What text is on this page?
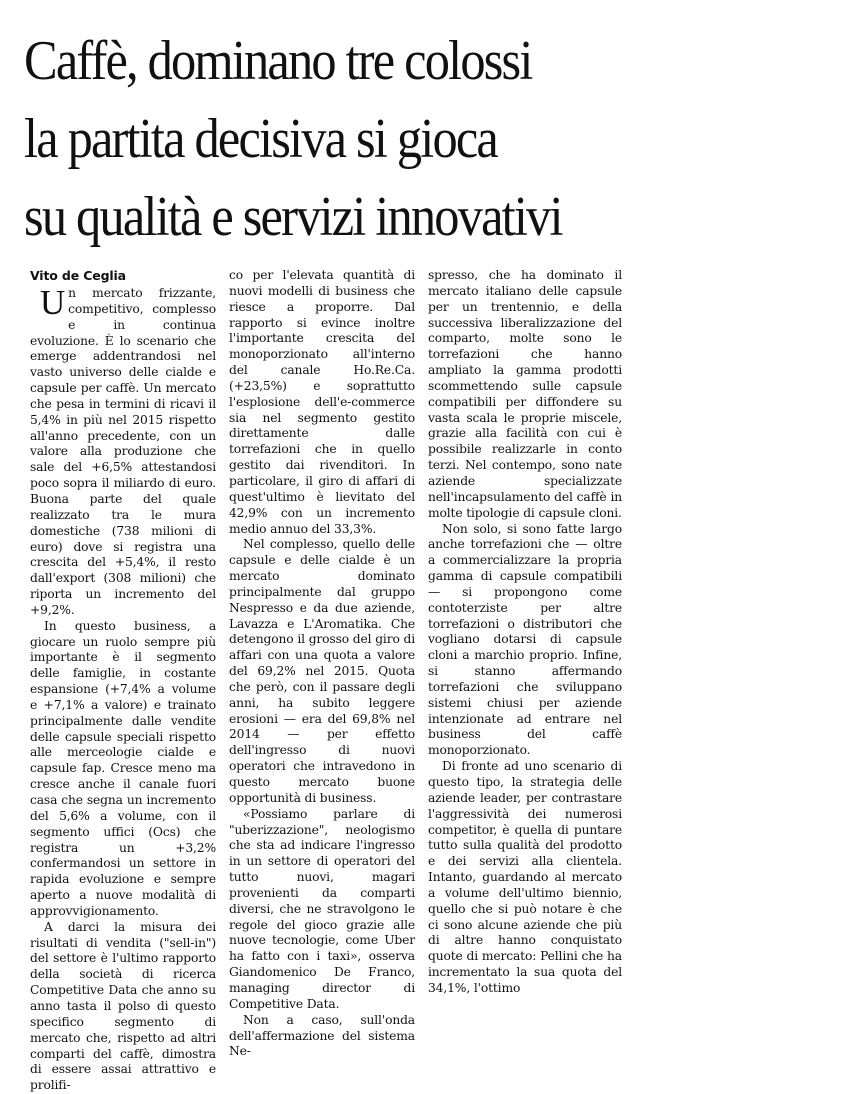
Caffè, dominano tre colossi
la partita decisiva si gioca
su qualità e servizi innovativi
Vito de Ceglia

Un mercato frizzante, competitivo, complesso e in continua evoluzione. È lo scenario che emerge addentrandosi nel vasto universo delle cialde e capsule per caffè. Un mercato che pesa in termini di ricavi il 5,4% in più nel 2015 rispetto all'anno precedente, con un valore alla produzione che sale del +6,5% attestandosi poco sopra il miliardo di euro. Buona parte del quale realizzato tra le mura domestiche (738 milioni di euro) dove si registra una crescita del +5,4%, il resto dall'export (308 milioni) che riporta un incremento del +9,2%.

In questo business, a giocare un ruolo sempre più importante è il segmento delle famiglie, in costante espansione (+7,4% a volume e +7,1% a valore) e trainato principalmente dalle vendite delle capsule speciali rispetto alle merceologie cialde e capsule fap. Cresce meno ma cresce anche il canale fuori casa che segna un incremento del 5,6% a volume, con il segmento uffici (Ocs) che registra un +3,2% confermandosi un settore in rapida evoluzione e sempre aperto a nuove modalità di approvvigionamento.

A darci la misura dei risultati di vendita ("sell-in") del settore è l'ultimo rapporto della società di ricerca Competitive Data che anno su anno tasta il polso di questo specifico segmento di mercato che, rispetto ad altri comparti del caffè, dimostra di essere assai attrattivo e prolifi-

co per l'elevata quantità di nuovi modelli di business che riesce a proporre. Dal rapporto si evince inoltre l'importante crescita del monoporzionato all'interno del canale Ho.Re.Ca. (+23,5%) e soprattutto l'esplosione dell'e-commerce sia nel segmento gestito direttamente dalle torrefazioni che in quello gestito dai rivenditori. In particolare, il giro di affari di quest'ultimo è lievitato del 42,9% con un incremento medio annuo del 33,3%.

Nel complesso, quello delle capsule e delle cialde è un mercato dominato principalmente dal gruppo Nespresso e da due aziende, Lavazza e L'Aromatika. Che detengono il grosso del giro di affari con una quota a valore del 69,2% nel 2015. Quota che però, con il passare degli anni, ha subito leggere erosioni — era del 69,8% nel 2014 — per effetto dell'ingresso di nuovi operatori che intravedono in questo mercato buone opportunità di business.

«Possiamo parlare di "uberizzazione", neologismo che sta ad indicare l'ingresso in un settore di operatori del tutto nuovi, magari provenienti da comparti diversi, che ne stravolgono le regole del gioco grazie alle nuove tecnologie, come Uber ha fatto con i taxi», osserva Giandomenico De Franco, managing director di Competitive Data.

Non a caso, sull'onda dell'affermazione del sistema Ne-

spresso, che ha dominato il mercato italiano delle capsule per un trentennio, e della successiva liberalizzazione del comparto, molte sono le torrefazioni che hanno ampliato la gamma prodotti scommettendo sulle capsule compatibili per diffondere su vasta scala le proprie miscele, grazie alla facilità con cui è possibile realizzarle in conto terzi. Nel contempo, sono nate aziende specializzate nell'incapsulamento del caffè in molte tipologie di capsule cloni.

Non solo, si sono fatte largo anche torrefazioni che — oltre a commercializzare la propria gamma di capsule compatibili — si propongono come contoterziste per altre torrefazioni o distributori che vogliano dotarsi di capsule cloni a marchio proprio. Infine, si stanno affermando torrefazioni che sviluppano sistemi chiusi per aziende intenzionate ad entrare nel business del caffè monoporzionato.

Di fronte ad uno scenario di questo tipo, la strategia delle aziende leader, per contrastare l'aggressività dei numerosi competitor, è quella di puntare tutto sulla qualità del prodotto e dei servizi alla clientela. Intanto, guardando al mercato a volume dell'ultimo biennio, quello che si può notare è che ci sono alcune aziende che più di altre hanno conquistato quote di mercato: Pellini che ha incrementato la sua quota del 34,1%, l'ottimo
